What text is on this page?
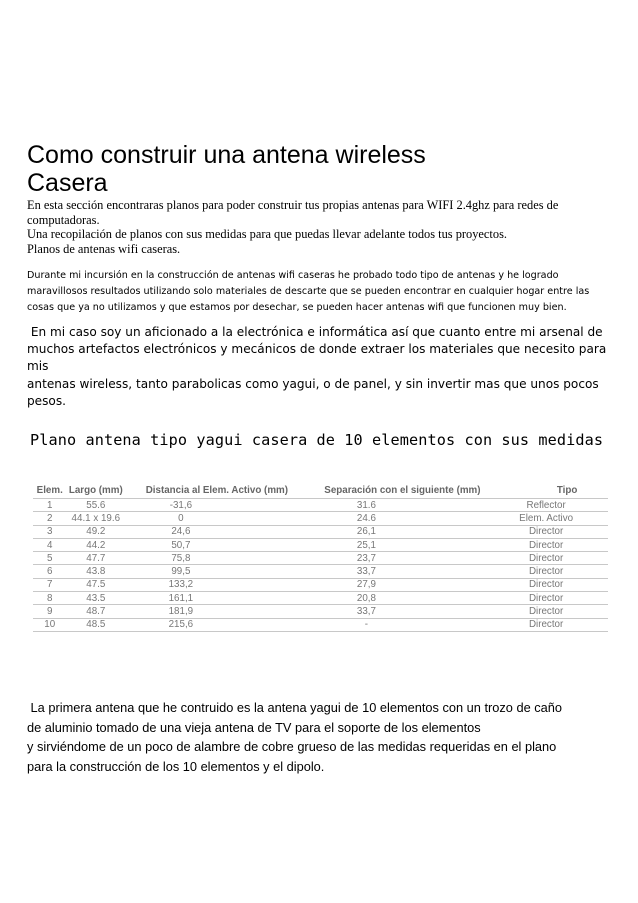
Como construir una antena wireless
Casera

En esta sección encontraras planos para poder construir tus propias antenas para WIFI 2.4ghz para redes de

computadoras.

Una recopilación de planos con sus medidas para que puedas llevar adelante todos tus proyectos.

Planos de antenas wifi caseras.

Durante mi incursión en la construcción de antenas wifi caseras he probado todo tipo de antenas y he logrado

maravillosos resultados utilizando solo materiales de descarte que se pueden encontrar en cualquier hogar entre las

cosas que ya no utilizamos y que estamos por desechar, se pueden hacer antenas wifi que funcionen muy bien.

En mi caso soy un aficionado a la electrónica e informática así que cuanto entre mi arsenal de

muchos artefactos electrónicos y mecánicos de donde extraer los materiales que necesito para mis

antenas wireless, tanto parabolicas como yagui, o de panel, y sin invertir mas que unos pocos

pesos.

Plano antena tipo yagui casera de 10 elementos con sus medidas
Elem.	Largo (mm)	Distancia al Elem. Activo (mm)	Separación con el siguiente (mm)	Tipo
1	55.6	-31,6	31.6	Reflector
2	44.1 x 19.6	0	24.6	Elem. Activo
3	49.2	24,6	26,1	Director
4	44.2	50,7	25,1	Director
5	47.7	75,8	23,7	Director
6	43.8	99,5	33,7	Director
7	47.5	133,2	27,9	Director
8	43.5	161,1	20,8	Director
9	48.7	181,9	33,7	Director
10	48.5	215,6	-	Director

La primera antena que he contruido es la antena yagui de 10 elementos con un trozo de caño

de aluminio tomado de una vieja antena de TV para el soporte de los elementos

y sirviéndome de un poco de alambre de cobre grueso de las medidas requeridas en el plano

para la construcción de los 10 elementos y el dipolo.
